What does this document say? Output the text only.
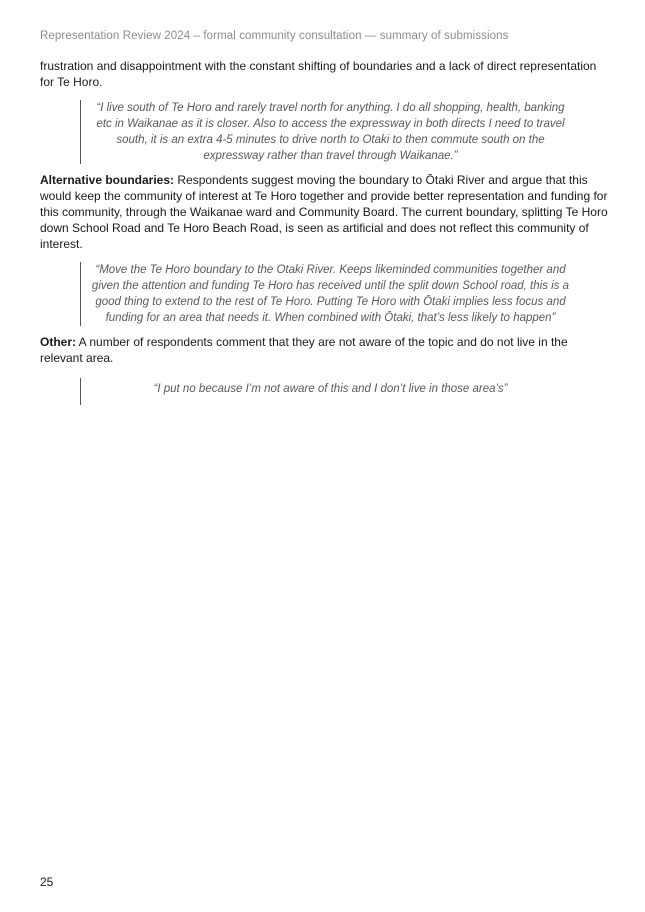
Representation Review 2024 – formal community consultation — summary of submissions

frustration and disappointment with the constant shifting of boundaries and a lack of direct representation for Te Horo.

“I live south of Te Horo and rarely travel north for anything. I do all shopping, health, banking etc in Waikanae as it is closer. Also to access the expressway in both directs I need to travel south, it is an extra 4-5 minutes to drive north to Otaki to then commute south on the expressway rather than travel through Waikanae.”

Alternative boundaries: Respondents suggest moving the boundary to Ōtaki River and argue that this would keep the community of interest at Te Horo together and provide better representation and funding for this community, through the Waikanae ward and Community Board. The current boundary, splitting Te Horo down School Road and Te Horo Beach Road, is seen as artificial and does not reflect this community of interest.

“Move the Te Horo boundary to the Otaki River. Keeps likeminded communities together and given the attention and funding Te Horo has received until the split down School road, this is a good thing to extend to the rest of Te Horo. Putting Te Horo with Ōtaki implies less focus and funding for an area that needs it. When combined with Ōtaki, that’s less likely to happen”

Other: A number of respondents comment that they are not aware of the topic and do not live in the relevant area.

“I put no because I’m not aware of this and I don’t live in those area’s”
25
